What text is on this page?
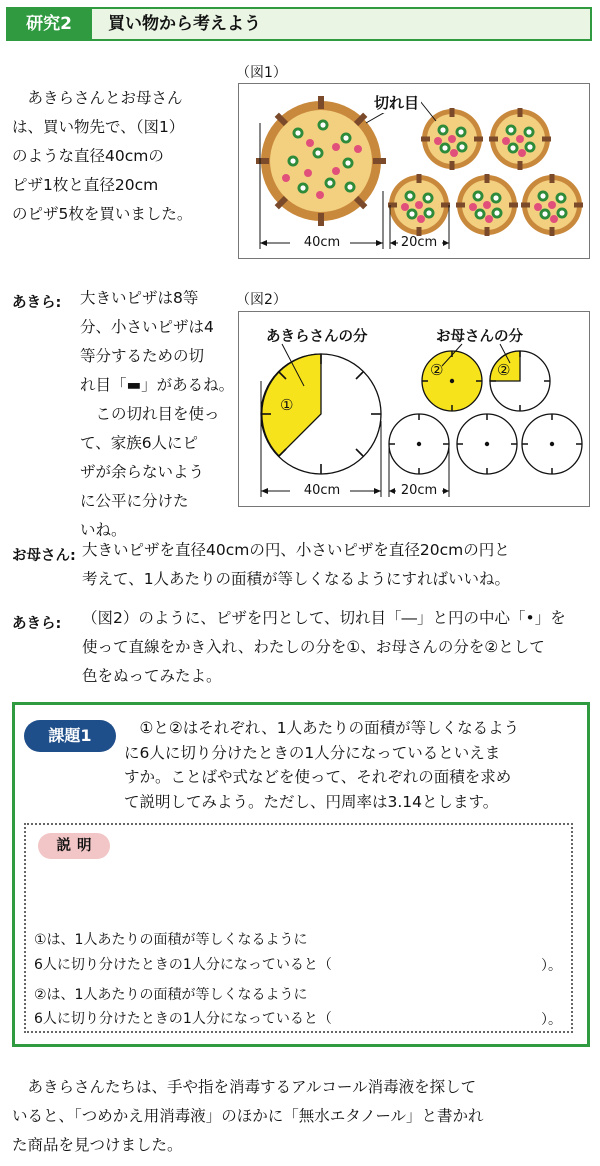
研究2	買い物から考えよう

　あきらさんとお母さん

は、買い物先で、（図1）

のような直径40cmの

ピザ1枚と直径20cm

のピザ5枚を買いました。

（図1）
切れ目
40cm	20cm
あきら: 大きいピザは8等

分、小さいピザは4

等分するための切

れ目「▬」があるね。

　この切れ目を使っ

て、家族6人にピ

ザが余らないよう

に公平に分けた

いね。

（図2）
あきらさんの分	お母さんの分
①
②	②
40cm	20cm
お母さん: 大きいピザを直径40cmの円、小さいピザを直径20cmの円と

考えて、1人あたりの面積が等しくなるようにすればいいね。

あきら: （図2）のように、ピザを円として、切れ目「―」と円の中心「•」を

使って直線をかき入れ、わたしの分を①、お母さんの分を②として

色をぬってみたよ。

課題1	　①と②はそれぞれ、1人あたりの面積が等しくなるよう
に6人に切り分けたときの1人分になっているといえま
すか。ことばや式などを使って、それぞれの面積を求め
て説明してみよう。ただし、円周率は3.14とします。

説明
①は、1人あたりの面積が等しくなるように
6人に切り分けたときの1人分になっていると（	）。
②は、1人あたりの面積が等しくなるように
6人に切り分けたときの1人分になっていると（	）。

　あきらさんたちは、手や指を消毒するアルコール消毒液を探して

いると、「つめかえ用消毒液」のほかに「無水エタノール」と書かれ

た商品を見つけました。
